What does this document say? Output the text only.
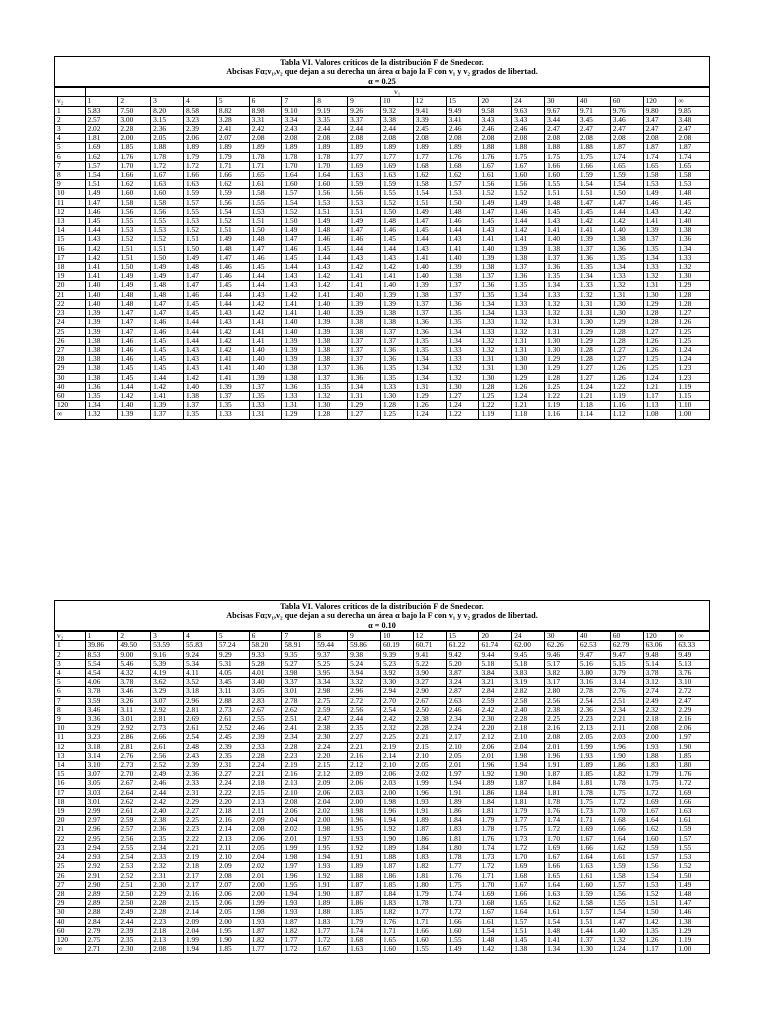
Tabla VI. Valores críticos de la distribución F de Snedecor.
Abcisas Fα;v₁,v₂ que dejan a su derecha un área α bajo la F con v₁ y v₂ grados de libertad.
α = 0.25
	v₁																		
v₂	1	2	3	4	5	6	7	8	9	10	12	15	20	24	30	40	60	120	∞
1	5.83	7.50	8.20	8.58	8.82	8.98	9.10	9.19	9.26	9.32	9.41	9.49	9.58	9.63	9.67	9.71	9.76	9.80	9.85
2	2.57	3.00	3.15	3.23	3.28	3.31	3.34	3.35	3.37	3.38	3.39	3.41	3.43	3.43	3.44	3.45	3.46	3.47	3.48
3	2.02	2.28	2.36	2.39	2.41	2.42	2.43	2.44	2.44	2.44	2.45	2.46	2.46	2.46	2.47	2.47	2.47	2.47	2.47
4	1.81	2.00	2.05	2.06	2.07	2.08	2.08	2.08	2.08	2.08	2.08	2.08	2.08	2.08	2.08	2.08	2.08	2.08	2.08
5	1.69	1.85	1.88	1.89	1.89	1.89	1.89	1.89	1.89	1.89	1.89	1.89	1.88	1.88	1.88	1.88	1.87	1.87	1.87
6	1.62	1.76	1.78	1.79	1.79	1.78	1.78	1.78	1.77	1.77	1.77	1.76	1.76	1.75	1.75	1.75	1.74	1.74	1.74
7	1.57	1.70	1.72	1.72	1.71	1.71	1.70	1.70	1.69	1.69	1.68	1.68	1.67	1.67	1.66	1.66	1.65	1.65	1.65
8	1.54	1.66	1.67	1.66	1.66	1.65	1.64	1.64	1.63	1.63	1.62	1.62	1.61	1.60	1.60	1.59	1.59	1.58	1.58
9	1.51	1.62	1.63	1.63	1.62	1.61	1.60	1.60	1.59	1.59	1.58	1.57	1.56	1.56	1.55	1.54	1.54	1.53	1.53
10	1.49	1.60	1.60	1.59	1.59	1.58	1.57	1.56	1.56	1.55	1.54	1.53	1.52	1.52	1.51	1.51	1.50	1.49	1.48
11	1.47	1.58	1.58	1.57	1.56	1.55	1.54	1.53	1.53	1.52	1.51	1.50	1.49	1.49	1.48	1.47	1.47	1.46	1.45
12	1.46	1.56	1.56	1.55	1.54	1.53	1.52	1.51	1.51	1.50	1.49	1.48	1.47	1.46	1.45	1.45	1.44	1.43	1.42
13	1.45	1.55	1.55	1.53	1.52	1.51	1.50	1.49	1.49	1.48	1.47	1.46	1.45	1.44	1.43	1.42	1.42	1.41	1.40
14	1.44	1.53	1.53	1.52	1.51	1.50	1.49	1.48	1.47	1.46	1.45	1.44	1.43	1.42	1.41	1.41	1.40	1.39	1.38
15	1.43	1.52	1.52	1.51	1.49	1.48	1.47	1.46	1.46	1.45	1.44	1.43	1.41	1.41	1.40	1.39	1.38	1.37	1.36
16	1.42	1.51	1.51	1.50	1.48	1.47	1.46	1.45	1.44	1.44	1.43	1.41	1.40	1.39	1.38	1.37	1.36	1.35	1.34
17	1.42	1.51	1.50	1.49	1.47	1.46	1.45	1.44	1.43	1.43	1.41	1.40	1.39	1.38	1.37	1.36	1.35	1.34	1.33
18	1.41	1.50	1.49	1.48	1.46	1.45	1.44	1.43	1.42	1.42	1.40	1.39	1.38	1.37	1.36	1.35	1.34	1.33	1.32
19	1.41	1.49	1.49	1.47	1.46	1.44	1.43	1.42	1.41	1.41	1.40	1.38	1.37	1.36	1.35	1.34	1.33	1.32	1.30
20	1.40	1.49	1.48	1.47	1.45	1.44	1.43	1.42	1.41	1.40	1.39	1.37	1.36	1.35	1.34	1.33	1.32	1.31	1.29
21	1.40	1.48	1.48	1.46	1.44	1.43	1.42	1.41	1.40	1.39	1.38	1.37	1.35	1.34	1.33	1.32	1.31	1.30	1.28
22	1.40	1.48	1.47	1.45	1.44	1.42	1.41	1.40	1.39	1.39	1.37	1.36	1.34	1.33	1.32	1.31	1.30	1.29	1.28
23	1.39	1.47	1.47	1.45	1.43	1.42	1.41	1.40	1.39	1.38	1.37	1.35	1.34	1.33	1.32	1.31	1.30	1.28	1.27
24	1.39	1.47	1.46	1.44	1.43	1.41	1.40	1.39	1.38	1.38	1.36	1.35	1.33	1.32	1.31	1.30	1.29	1.28	1.26
25	1.39	1.47	1.46	1.44	1.42	1.41	1.40	1.39	1.38	1.37	1.36	1.34	1.33	1.32	1.31	1.29	1.28	1.27	1.25
26	1.38	1.46	1.45	1.44	1.42	1.41	1.39	1.38	1.37	1.37	1.35	1.34	1.32	1.31	1.30	1.29	1.28	1.26	1.25
27	1.38	1.46	1.45	1.43	1.42	1.40	1.39	1.38	1.37	1.36	1.35	1.33	1.32	1.31	1.30	1.28	1.27	1.26	1.24
28	1.38	1.46	1.45	1.43	1.41	1.40	1.39	1.38	1.37	1.36	1.34	1.33	1.31	1.30	1.29	1.28	1.27	1.25	1.24
29	1.38	1.45	1.45	1.43	1.41	1.40	1.38	1.37	1.36	1.35	1.34	1.32	1.31	1.30	1.29	1.27	1.26	1.25	1.23
30	1.38	1.45	1.44	1.42	1.41	1.39	1.38	1.37	1.36	1.35	1.34	1.32	1.30	1.29	1.28	1.27	1.26	1.24	1.23
40	1.36	1.44	1.42	1.40	1.39	1.37	1.36	1.35	1.34	1.33	1.31	1.30	1.28	1.26	1.25	1.24	1.22	1.21	1.19
60	1.35	1.42	1.41	1.38	1.37	1.35	1.33	1.32	1.31	1.30	1.29	1.27	1.25	1.24	1.22	1.21	1.19	1.17	1.15
120	1.34	1.40	1.39	1.37	1.35	1.33	1.31	1.30	1.29	1.28	1.26	1.24	1.22	1.21	1.19	1.18	1.16	1.13	1.10
∞	1.32	1.39	1.37	1.35	1.33	1.31	1.29	1.28	1.27	1.25	1.24	1.22	1.19	1.18	1.16	1.14	1.12	1.08	1.00
Tabla VI. Valores críticos de la distribución F de Snedecor.
Abcisas Fα;v₁,v₂ que dejan a su derecha un área α bajo la F con v₁ y v₂ grados de libertad.
α = 0.10
v₂	1	2	3	4	5	6	7	8	9	10	12	15	20	24	30	40	60	120	∞
1	39.86	49.50	53.59	55.83	57.24	58.20	58.91	59.44	59.86	60.19	60.71	61.22	61.74	62.00	62.26	62.53	62.79	63.06	63.33
2	8.53	9.00	9.16	9.24	9.29	9.33	9.35	9.37	9.38	9.39	9.41	9.42	9.44	9.45	9.46	9.47	9.47	9.48	9.49
3	5.54	5.46	5.39	5.34	5.31	5.28	5.27	5.25	5.24	5.23	5.22	5.20	5.18	5.18	5.17	5.16	5.15	5.14	5.13
4	4.54	4.32	4.19	4.11	4.05	4.01	3.98	3.95	3.94	3.92	3.90	3.87	3.84	3.83	3.82	3.80	3.79	3.78	3.76
5	4.06	3.78	3.62	3.52	3.45	3.40	3.37	3.34	3.32	3.30	3.27	3.24	3.21	3.19	3.17	3.16	3.14	3.12	3.10
6	3.78	3.46	3.29	3.18	3.11	3.05	3.01	2.98	2.96	2.94	2.90	2.87	2.84	2.82	2.80	2.78	2.76	2.74	2.72
7	3.59	3.26	3.07	2.96	2.88	2.83	2.78	2.75	2.72	2.70	2.67	2.63	2.59	2.58	2.56	2.54	2.51	2.49	2.47
8	3.46	3.11	2.92	2.81	2.73	2.67	2.62	2.59	2.56	2.54	2.50	2.46	2.42	2.40	2.38	2.36	2.34	2.32	2.29
9	3.36	3.01	2.81	2.69	2.61	2.55	2.51	2.47	2.44	2.42	2.38	2.34	2.30	2.28	2.25	2.23	2.21	2.18	2.16
10	3.29	2.92	2.73	2.61	2.52	2.46	2.41	2.38	2.35	2.32	2.28	2.24	2.20	2.18	2.16	2.13	2.11	2.08	2.06
11	3.23	2.86	2.66	2.54	2.45	2.39	2.34	2.30	2.27	2.25	2.21	2.17	2.12	2.10	2.08	2.05	2.03	2.00	1.97
12	3.18	2.81	2.61	2.48	2.39	2.33	2.28	2.24	2.21	2.19	2.15	2.10	2.06	2.04	2.01	1.99	1.96	1.93	1.90
13	3.14	2.76	2.56	2.43	2.35	2.28	2.23	2.20	2.16	2.14	2.10	2.05	2.01	1.98	1.96	1.93	1.90	1.88	1.85
14	3.10	2.73	2.52	2.39	2.31	2.24	2.19	2.15	2.12	2.10	2.05	2.01	1.96	1.94	1.91	1.89	1.86	1.83	1.80
15	3.07	2.70	2.49	2.36	2.27	2.21	2.16	2.12	2.09	2.06	2.02	1.97	1.92	1.90	1.87	1.85	1.82	1.79	1.76
16	3.05	2.67	2.46	2.33	2.24	2.18	2.13	2.09	2.06	2.03	1.99	1.94	1.89	1.87	1.84	1.81	1.78	1.75	1.72
17	3.03	2.64	2.44	2.31	2.22	2.15	2.10	2.06	2.03	2.00	1.96	1.91	1.86	1.84	1.81	1.78	1.75	1.72	1.69
18	3.01	2.62	2.42	2.29	2.20	2.13	2.08	2.04	2.00	1.98	1.93	1.89	1.84	1.81	1.78	1.75	1.72	1.69	1.66
19	2.99	2.61	2.40	2.27	2.18	2.11	2.06	2.02	1.98	1.96	1.91	1.86	1.81	1.79	1.76	1.73	1.70	1.67	1.63
20	2.97	2.59	2.38	2.25	2.16	2.09	2.04	2.00	1.96	1.94	1.89	1.84	1.79	1.77	1.74	1.71	1.68	1.64	1.61
21	2.96	2.57	2.36	2.23	2.14	2.08	2.02	1.98	1.95	1.92	1.87	1.83	1.78	1.75	1.72	1.69	1.66	1.62	1.59
22	2.95	2.56	2.35	2.22	2.13	2.06	2.01	1.97	1.93	1.90	1.86	1.81	1.76	1.73	1.70	1.67	1.64	1.60	1.57
23	2.94	2.55	2.34	2.21	2.11	2.05	1.99	1.95	1.92	1.89	1.84	1.80	1.74	1.72	1.69	1.66	1.62	1.59	1.55
24	2.93	2.54	2.33	2.19	2.10	2.04	1.98	1.94	1.91	1.88	1.83	1.78	1.73	1.70	1.67	1.64	1.61	1.57	1.53
25	2.92	2.53	2.32	2.18	2.09	2.02	1.97	1.93	1.89	1.87	1.82	1.77	1.72	1.69	1.66	1.63	1.59	1.56	1.52
26	2.91	2.52	2.31	2.17	2.08	2.01	1.96	1.92	1.88	1.86	1.81	1.76	1.71	1.68	1.65	1.61	1.58	1.54	1.50
27	2.90	2.51	2.30	2.17	2.07	2.00	1.95	1.91	1.87	1.85	1.80	1.75	1.70	1.67	1.64	1.60	1.57	1.53	1.49
28	2.89	2.50	2.29	2.16	2.06	2.00	1.94	1.90	1.87	1.84	1.79	1.74	1.69	1.66	1.63	1.59	1.56	1.52	1.48
29	2.89	2.50	2.28	2.15	2.06	1.99	1.93	1.89	1.86	1.83	1.78	1.73	1.68	1.65	1.62	1.58	1.55	1.51	1.47
30	2.88	2.49	2.28	2.14	2.05	1.98	1.93	1.88	1.85	1.82	1.77	1.72	1.67	1.64	1.61	1.57	1.54	1.50	1.46
40	2.84	2.44	2.23	2.09	2.00	1.93	1.87	1.83	1.79	1.76	1.71	1.66	1.61	1.57	1.54	1.51	1.47	1.42	1.38
60	2.79	2.39	2.18	2.04	1.95	1.87	1.82	1.77	1.74	1.71	1.66	1.60	1.54	1.51	1.48	1.44	1.40	1.35	1.29
120	2.75	2.35	2.13	1.99	1.90	1.82	1.77	1.72	1.68	1.65	1.60	1.55	1.48	1.45	1.41	1.37	1.32	1.26	1.19
∞	2.71	2.30	2.08	1.94	1.85	1.77	1.72	1.67	1.63	1.60	1.55	1.49	1.42	1.38	1.34	1.30	1.24	1.17	1.00
